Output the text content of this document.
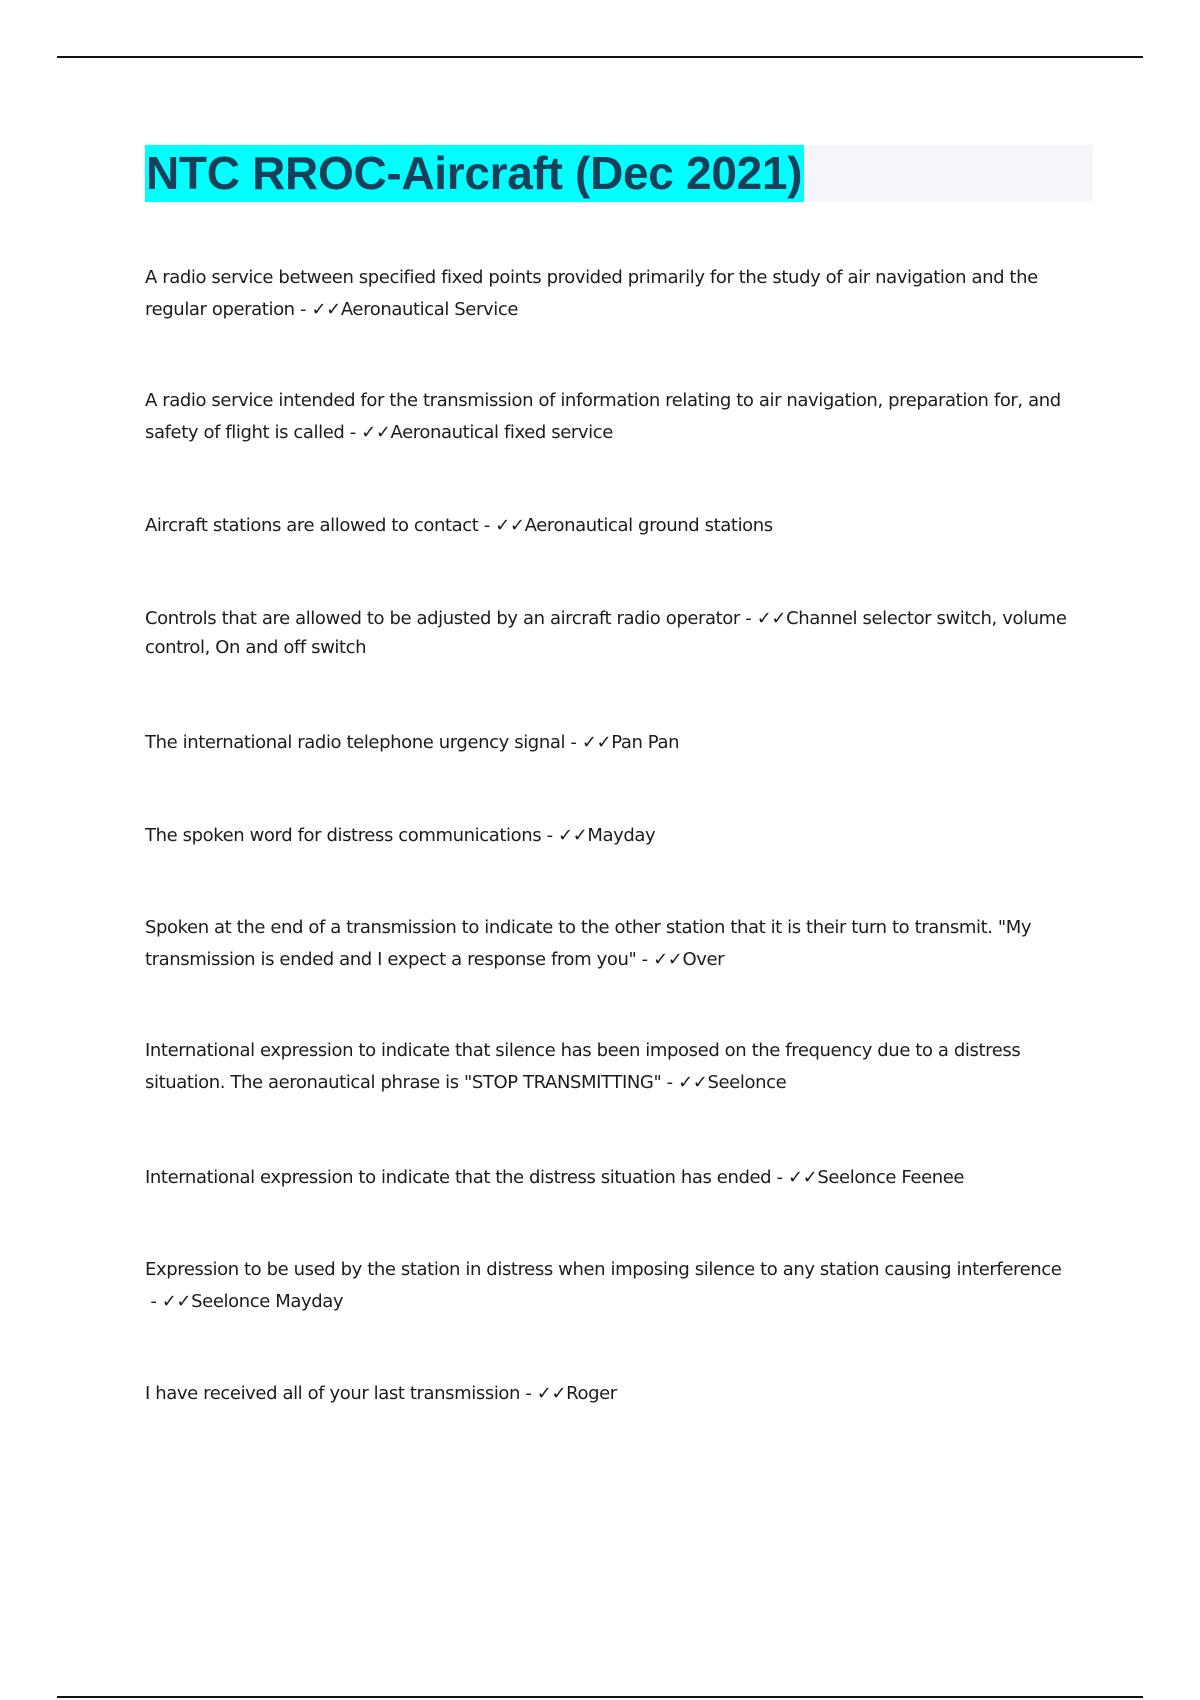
NTC RROC-Aircraft (Dec 2021)

A radio service between specified fixed points provided primarily for the study of air navigation and the regular operation - ✓✓Aeronautical Service

A radio service intended for the transmission of information relating to air navigation, preparation for, and safety of flight is called - ✓✓Aeronautical fixed service

Aircraft stations are allowed to contact - ✓✓Aeronautical ground stations

Controls that are allowed to be adjusted by an aircraft radio operator - ✓✓Channel selector switch, volume control, On and off switch

The international radio telephone urgency signal - ✓✓Pan Pan

The spoken word for distress communications - ✓✓Mayday

Spoken at the end of a transmission to indicate to the other station that it is their turn to transmit. "My transmission is ended and I expect a response from you" - ✓✓Over

International expression to indicate that silence has been imposed on the frequency due to a distress situation. The aeronautical phrase is "STOP TRANSMITTING" - ✓✓Seelonce

International expression to indicate that the distress situation has ended - ✓✓Seelonce Feenee

Expression to be used by the station in distress when imposing silence to any station causing interference - ✓✓Seelonce Mayday

I have received all of your last transmission - ✓✓Roger
